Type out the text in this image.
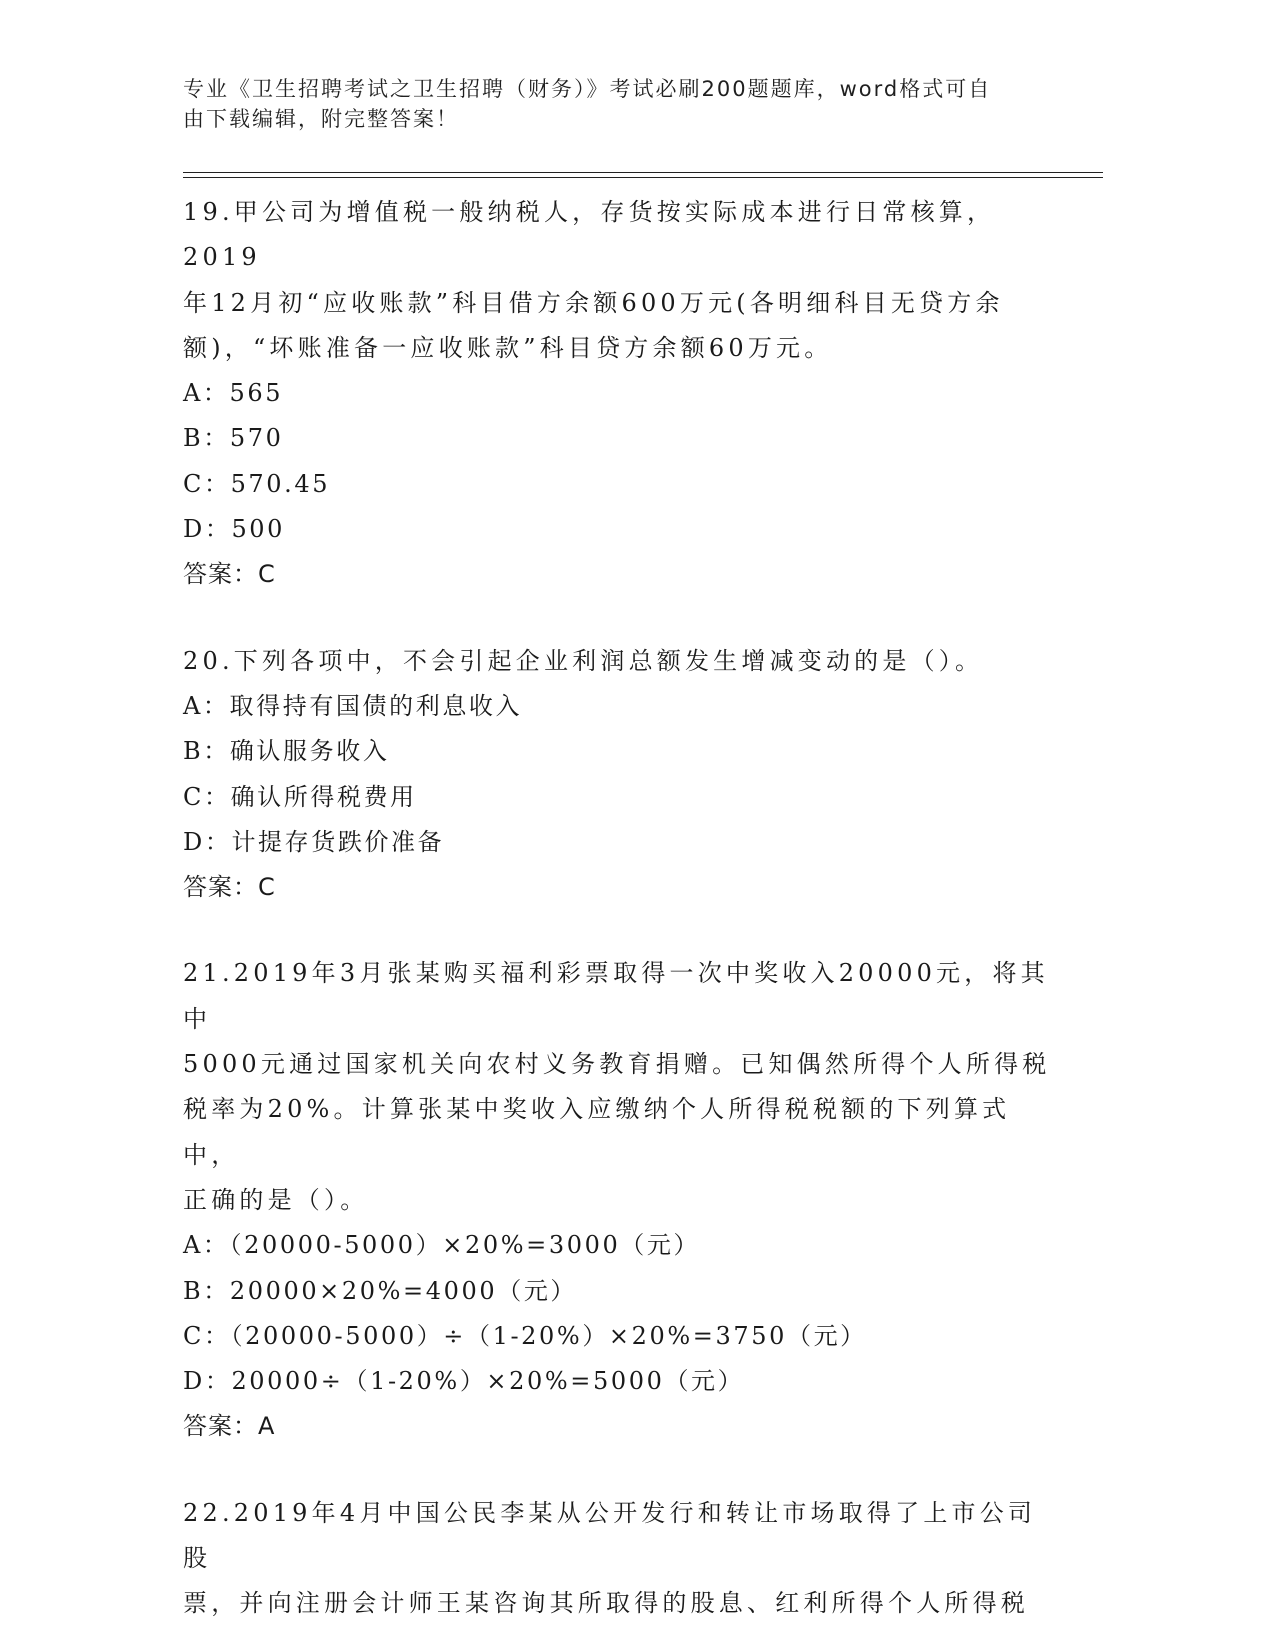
专业《卫生招聘考试之卫生招聘（财务）》考试必刷200题题库，word格式可自
由下载编辑，附完整答案！

19.甲公司为增值税一般纳税人，存货按实际成本进行日常核算，2019

年12月初“应收账款”科目借方余额600万元(各明细科目无贷方余

额)，“坏账准备一应收账款”科目贷方余额60万元。

A：565

B：570

C：570.45

D：500

答案：C

20.下列各项中，不会引起企业利润总额发生增减变动的是（）。

A：取得持有国债的利息收入

B：确认服务收入

C：确认所得税费用

D：计提存货跌价准备

答案：C

21.2019年3月张某购买福利彩票取得一次中奖收入20000元，将其中

5000元通过国家机关向农村义务教育捐赠。已知偶然所得个人所得税

税率为20%。计算张某中奖收入应缴纳个人所得税税额的下列算式中，

正确的是（）。

A：（20000-5000）×20%=3000（元）

B：20000×20%=4000（元）

C：（20000-5000）÷（1-20%）×20%=3750（元）

D：20000÷（1-20%）×20%=5000（元）

答案：A

22.2019年4月中国公民李某从公开发行和转让市场取得了上市公司股

票，并向注册会计师王某咨询其所取得的股息、红利所得个人所得税
